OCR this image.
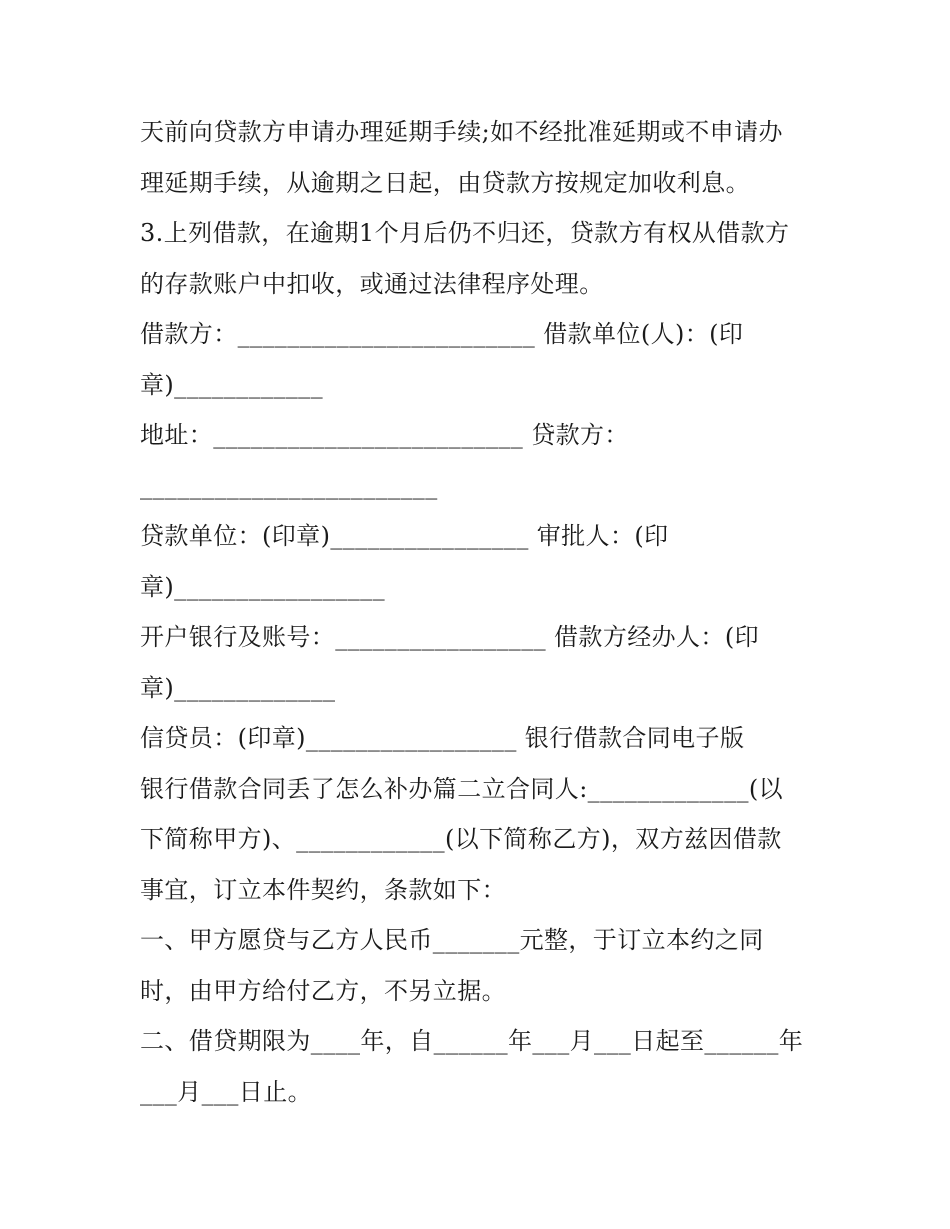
天前向贷款方申请办理延期手续;如不经批准延期或不申请办

理延期手续，从逾期之日起，由贷款方按规定加收利息。

3.上列借款，在逾期1个月后仍不归还，贷款方有权从借款方

的存款账户中扣收，或通过法律程序处理。

借款方：________________________ 借款单位(人)：(印

章)____________

地址：_________________________ 贷款方：

________________________

贷款单位：(印章)________________ 审批人：(印

章)_________________

开户银行及账号：_________________ 借款方经办人：(印

章)_____________

信贷员：(印章)_________________ 银行借款合同电子版

银行借款合同丢了怎么补办篇二立合同人:_____________(以

下简称甲方)、____________(以下简称乙方)，双方兹因借款

事宜，订立本件契约，条款如下：

一、甲方愿贷与乙方人民币_______元整，于订立本约之同

时，由甲方给付乙方，不另立据。

二、借贷期限为____年，自______年___月___日起至______年

___月___日止。
